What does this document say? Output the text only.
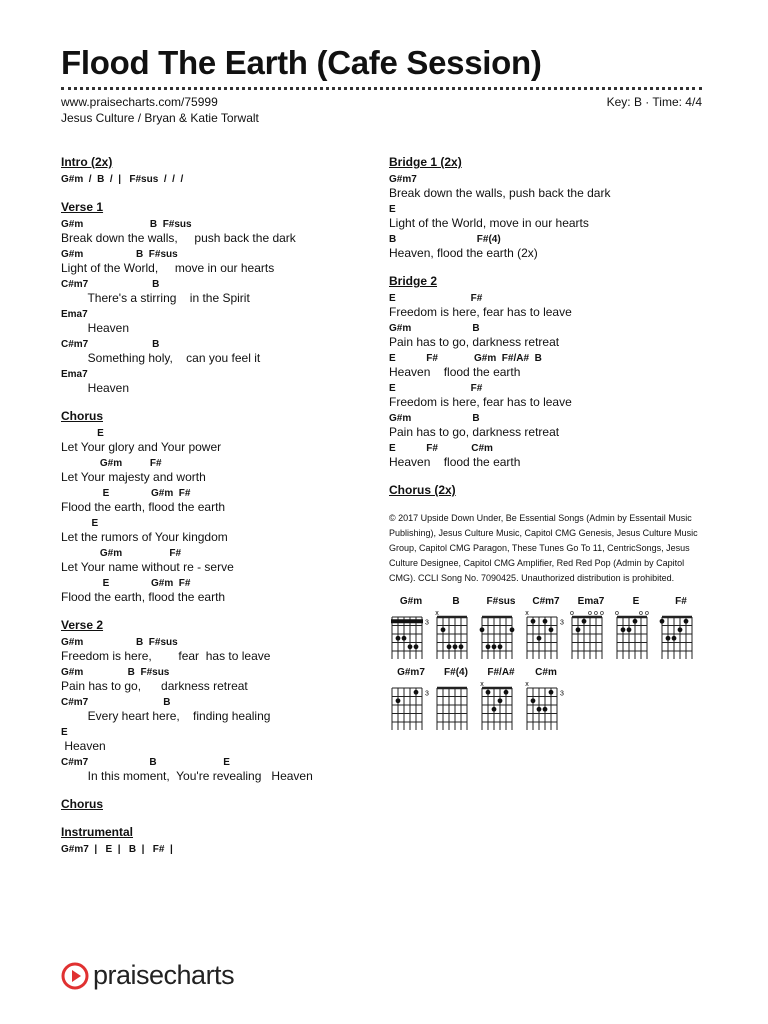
Flood The Earth (Cafe Session)
www.praisecharts.com/75999	Key: B · Time: 4/4
Jesus Culture / Bryan & Katie Torwalt
Intro (2x)
G#m  /  B  /  |   F#sus  /  /  /
Verse 1
G#m                        B  F#sus
Break down the walls,     push back the dark
G#m                   B  F#sus
Light of the World,     move in our hearts
C#m7                       B
There's a stirring    in the Spirit
Ema7
Heaven
C#m7                       B
Something holy,    can you feel it
Ema7
Heaven
Chorus
E
Let Your glory and Your power
G#m          F#
Let Your majesty and worth
E               G#m  F#
Flood the earth, flood the earth
E
Let the rumors of Your kingdom
G#m                 F#
Let Your name without re - serve
E               G#m  F#
Flood the earth, flood the earth
Verse 2
G#m                   B  F#sus
Freedom is here,        fear  has to leave
G#m                B  F#sus
Pain has to go,      darkness retreat
C#m7                           B
Every heart here,    finding healing
E
Heaven
C#m7                      B                        E
In this moment,  You're revealing   Heaven
Chorus
Instrumental
G#m7  |   E  |   B  |   F#  |
Bridge 1 (2x)
G#m7
Break down the walls, push back the dark
E
Light of the World, move in our hearts
B                             F#(4)
Heaven, flood the earth (2x)
Bridge 2
E                           F#
Freedom is here, fear has to leave
G#m                      B
Pain has to go, darkness retreat
E           F#             G#m  F#/A#  B
Heaven    flood the earth
E                           F#
Freedom is here, fear has to leave
G#m                      B
Pain has to go, darkness retreat
E           F#            C#m
Heaven    flood the earth
Chorus (2x)
© 2017 Upside Down Under, Be Essential Songs (Admin by Essentail Music Publishing), Jesus Culture Music, Capitol CMG Genesis, Jesus Culture Music Group, Capitol CMG Paragon, These Tunes Go To 11, CentricSongs, Jesus Culture Designee, Capitol CMG Amplifier, Red Red Pop (Admin by Capitol CMG). CCLI Song No. 7090425. Unauthorized distribution is prohibited.
G#m
3
B
x
F#sus C#m7
x
3
Ema7
o o o o
E
o	o o
F#
G#m7
3
F#(4) F#/A#
x
C#m
x
3
praisecharts
